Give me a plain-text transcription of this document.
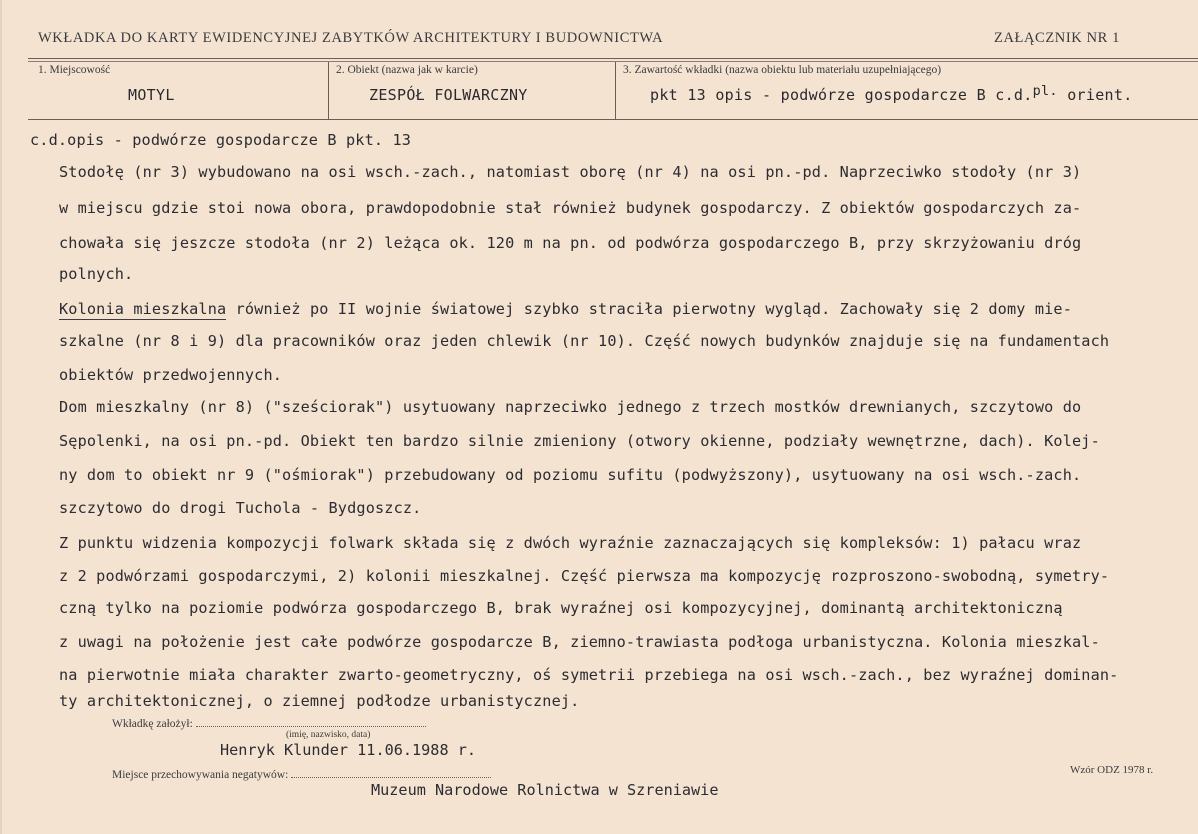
WKŁADKA DO KARTY EWIDENCYJNEJ ZABYTKÓW ARCHITEKTURY I BUDOWNICTWA	ZAŁĄCZNIK NR 1
1. Miejscowość
MOTYL
2. Obiekt (nazwa jak w karcie)
ZESPÓŁ FOLWARCZNY
3. Zawartość wkładki (nazwa obiektu lub materiału uzupełniającego)
pkt 13 opis - podwórze gospodarcze B c.d.pl. orient.
c.d.opis - podwórze gospodarcze B pkt. 13
Stodołę (nr 3) wybudowano na osi wsch.-zach., natomiast oborę (nr 4) na osi pn.-pd. Naprzeciwko stodoły (nr 3)
w miejscu gdzie stoi nowa obora, prawdopodobnie stał również budynek gospodarczy. Z obiektów gospodarczych za-
chowała się jeszcze stodoła (nr 2) leżąca ok. 120 m na pn. od podwórza gospodarczego B, przy skrzyżowaniu dróg
polnych.
Kolonia mieszkalna również po II wojnie światowej szybko straciła pierwotny wygląd. Zachowały się 2 domy mie-
szkalne (nr 8 i 9) dla pracowników oraz jeden chlewik (nr 10). Część nowych budynków znajduje się na fundamentach
obiektów przedwojennych.
Dom mieszkalny (nr 8) ("sześciorak") usytuowany naprzeciwko jednego z trzech mostków drewnianych, szczytowo do
Sępolenki, na osi pn.-pd. Obiekt ten bardzo silnie zmieniony (otwory okienne, podziały wewnętrzne, dach). Kolej-
ny dom to obiekt nr 9 ("ośmiorak") przebudowany od poziomu sufitu (podwyższony), usytuowany na osi wsch.-zach.
szczytowo do drogi Tuchola - Bydgoszcz.
Z punktu widzenia kompozycji folwark składa się z dwóch wyraźnie zaznaczających się kompleksów: 1) pałacu wraz
z 2 podwórzami gospodarczymi, 2) kolonii mieszkalnej. Część pierwsza ma kompozycję rozproszono-swobodną, symetry-
czną tylko na poziomie podwórza gospodarczego B, brak wyraźnej osi kompozycyjnej, dominantą architektoniczną
z uwagi na położenie jest całe podwórze gospodarcze B, ziemno-trawiasta podłoga urbanistyczna. Kolonia mieszkal-
na pierwotnie miała charakter zwarto-geometryczny, oś symetrii przebiega na osi wsch.-zach., bez wyraźnej dominan-
ty architektonicznej, o ziemnej podłodze urbanistycznej.
Wkładkę założył:
(imię, nazwisko, data)
Henryk Klunder 11.06.1988 r.
Miejsce przechowywania negatywów:
Muzeum Narodowe Rolnictwa w Szreniawie
Wzór ODZ 1978 r.
